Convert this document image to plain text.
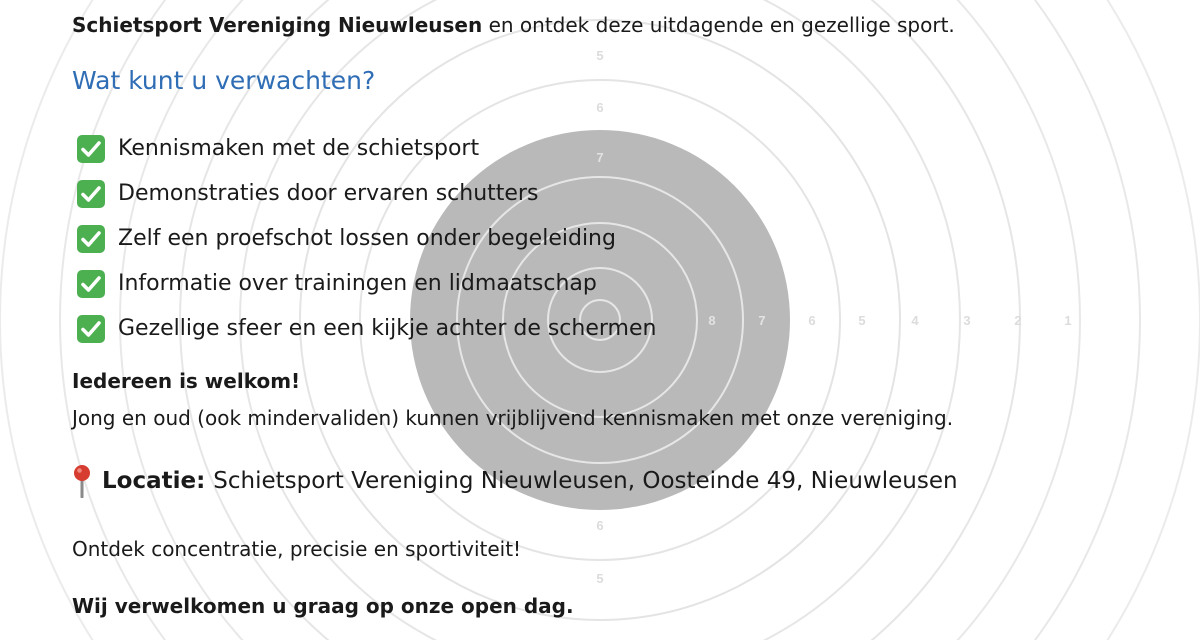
8	7	6	5	4	3	2	1
5
6
7
6
5
Schietsport Vereniging Nieuwleusen en ontdek deze uitdagende en gezellige sport.
Wat kunt u verwachten?
Kennismaken met de schietsport
Demonstraties door ervaren schutters
Zelf een proefschot lossen onder begeleiding
Informatie over trainingen en lidmaatschap
Gezellige sfeer en een kijkje achter de schermen
Iedereen is welkom!
Jong en oud (ook mindervaliden) kunnen vrijblijvend kennismaken met onze vereniging.
Locatie: Schietsport Vereniging Nieuwleusen, Oosteinde 49, Nieuwleusen
Ontdek concentratie, precisie en sportiviteit!
Wij verwelkomen u graag op onze open dag.
